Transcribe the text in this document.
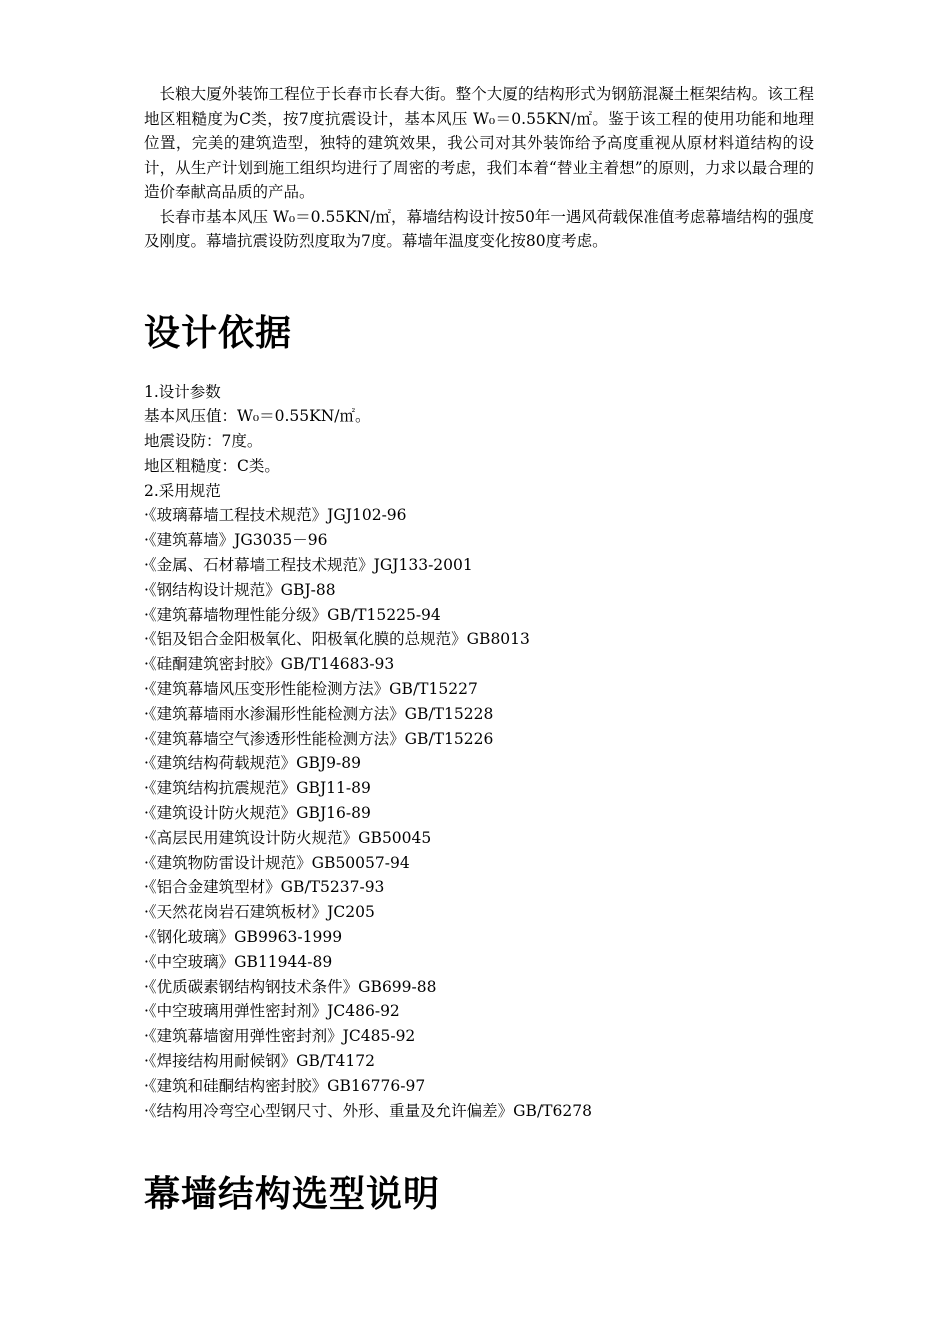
长粮大厦外装饰工程位于长春市长春大街。整个大厦的结构形式为钢筋混凝土框架结构。该工程地区粗糙度为C类，按7度抗震设计，基本风压 W₀＝0.55KN/㎡。鉴于该工程的使用功能和地理位置，完美的建筑造型，独特的建筑效果，我公司对其外装饰给予高度重视从原材料道结构的设计，从生产计划到施工组织均进行了周密的考虑，我们本着“替业主着想”的原则，力求以最合理的造价奉献高品质的产品。

长春市基本风压 W₀＝0.55KN/㎡，幕墙结构设计按50年一遇风荷载保准值考虑幕墙结构的强度及刚度。幕墙抗震设防烈度取为7度。幕墙年温度变化按80度考虑。

设计依据

1.设计参数

基本风压值：W₀＝0.55KN/㎡。

地震设防：7度。

地区粗糙度：C类。

2.采用规范

·《玻璃幕墙工程技术规范》JGJ102-96

·《建筑幕墙》JG3035－96

·《金属、石材幕墙工程技术规范》JGJ133-2001

·《钢结构设计规范》GBJ-88

·《建筑幕墙物理性能分级》GB/T15225-94

·《铝及铝合金阳极氧化、阳极氧化膜的总规范》GB8013

·《硅酮建筑密封胶》GB/T14683-93

·《建筑幕墙风压变形性能检测方法》GB/T15227

·《建筑幕墙雨水渗漏形性能检测方法》GB/T15228

·《建筑幕墙空气渗透形性能检测方法》GB/T15226

·《建筑结构荷载规范》GBJ9-89

·《建筑结构抗震规范》GBJ11-89

·《建筑设计防火规范》GBJ16-89

·《高层民用建筑设计防火规范》GB50045

·《建筑物防雷设计规范》GB50057-94

·《铝合金建筑型材》GB/T5237-93

·《天然花岗岩石建筑板材》JC205

·《钢化玻璃》GB9963-1999

·《中空玻璃》GB11944-89

·《优质碳素钢结构钢技术条件》GB699-88

·《中空玻璃用弹性密封剂》JC486-92

·《建筑幕墙窗用弹性密封剂》JC485-92

·《焊接结构用耐候钢》GB/T4172

·《建筑和硅酮结构密封胶》GB16776-97

·《结构用冷弯空心型钢尺寸、外形、重量及允许偏差》GB/T6278

幕墙结构选型说明
